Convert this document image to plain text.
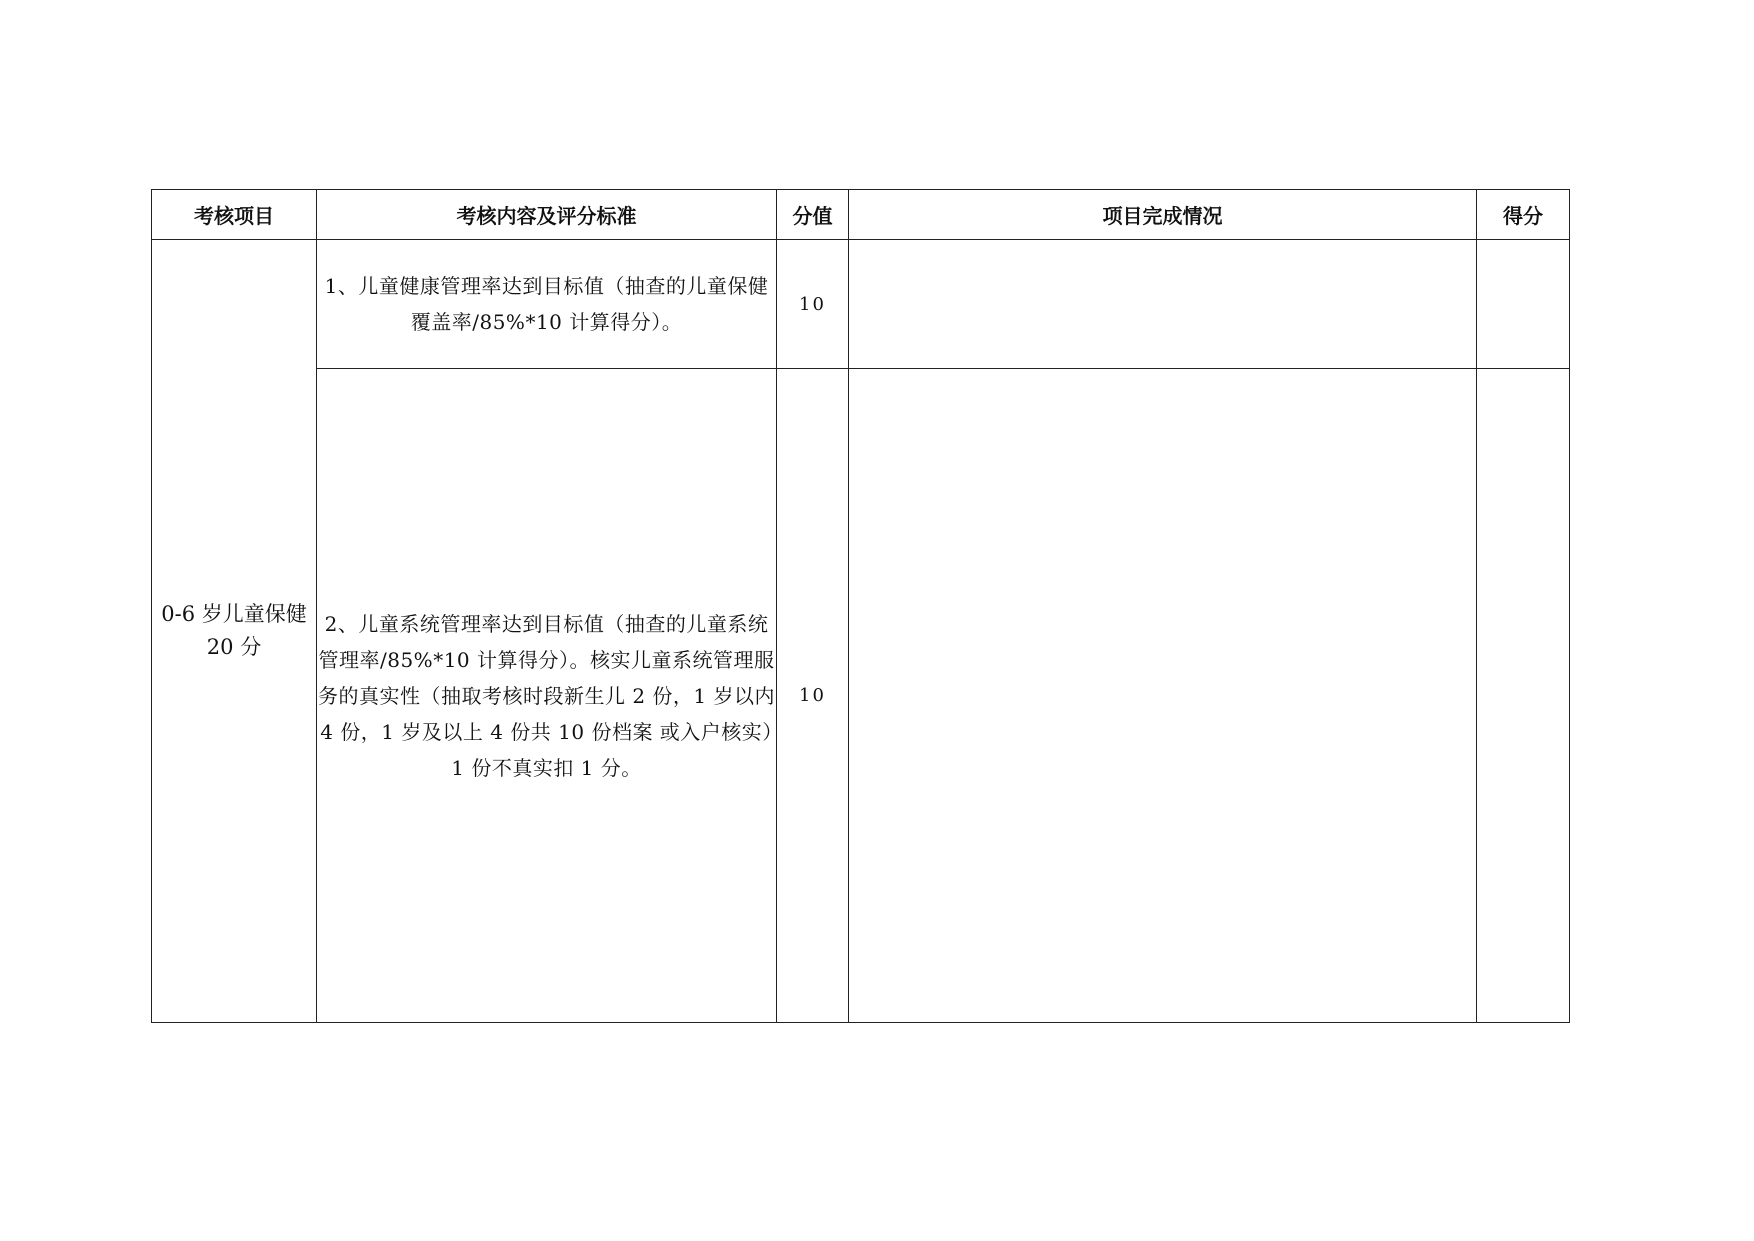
考核项目	考核内容及评分标准	分值	项目完成情况	得分
0-6 岁儿童保健 20 分	1、儿童健康管理率达到目标值（抽查的儿童保健覆盖率/85%*10 计算得分）。	10		
	2、儿童系统管理率达到目标值（抽查的儿童系统管理率/85%*10 计算得分）。核实儿童系统管理服务的真实性（抽取考核时段新生儿 2 份，1 岁以内 4 份，1 岁及以上 4 份共 10 份档案 或入户核实）1 份不真实扣 1 分。	10		
